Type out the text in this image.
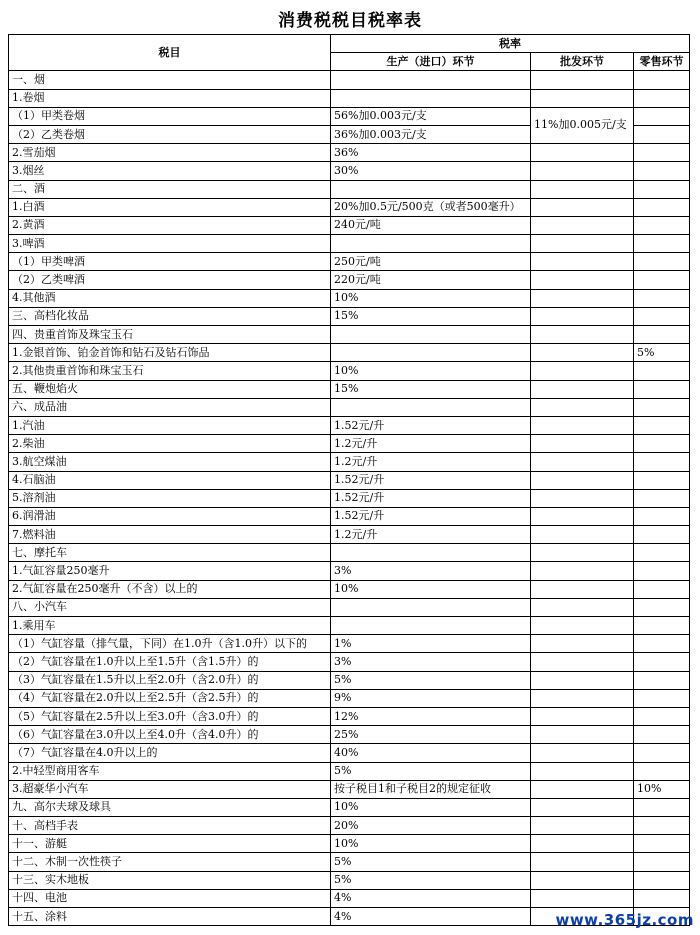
消费税税目税率表
税目	税率		
	生产（进口）环节	批发环节	零售环节
一、烟			
1.卷烟			
（1）甲类卷烟	56%加0.003元/支	11%加0.005元/支	
（2）乙类卷烟	36%加0.003元/支		
2.雪茄烟	36%		
3.烟丝	30%		
二、酒			
1.白酒	20%加0.5元/500克（或者500毫升）		
2.黄酒	240元/吨		
3.啤酒			
（1）甲类啤酒	250元/吨		
（2）乙类啤酒	220元/吨		
4.其他酒	10%		
三、高档化妆品	15%		
四、贵重首饰及珠宝玉石			
1.金银首饰、铂金首饰和钻石及钻石饰品			5%
2.其他贵重首饰和珠宝玉石	10%		
五、鞭炮焰火	15%		
六、成品油			
1.汽油	1.52元/升		
2.柴油	1.2元/升		
3.航空煤油	1.2元/升		
4.石脑油	1.52元/升		
5.溶剂油	1.52元/升		
6.润滑油	1.52元/升		
7.燃料油	1.2元/升		
七、摩托车			
1.气缸容量250毫升	3%		
2.气缸容量在250毫升（不含）以上的	10%		
八、小汽车			
1.乘用车			
（1）气缸容量（排气量，下同）在1.0升（含1.0升）以下的	1%		
（2）气缸容量在1.0升以上至1.5升（含1.5升）的	3%		
（3）气缸容量在1.5升以上至2.0升（含2.0升）的	5%		
（4）气缸容量在2.0升以上至2.5升（含2.5升）的	9%		
（5）气缸容量在2.5升以上至3.0升（含3.0升）的	12%		
（6）气缸容量在3.0升以上至4.0升（含4.0升）的	25%		
（7）气缸容量在4.0升以上的	40%		
2.中轻型商用客车	5%		
3.超豪华小汽车	按子税目1和子税目2的规定征收		10%
九、高尔夫球及球具	10%		
十、高档手表	20%		
十一、游艇	10%		
十二、木制一次性筷子	5%		
十三、实木地板	5%		
十四、电池	4%		
十五、涂料	4%			www.365jz.com
